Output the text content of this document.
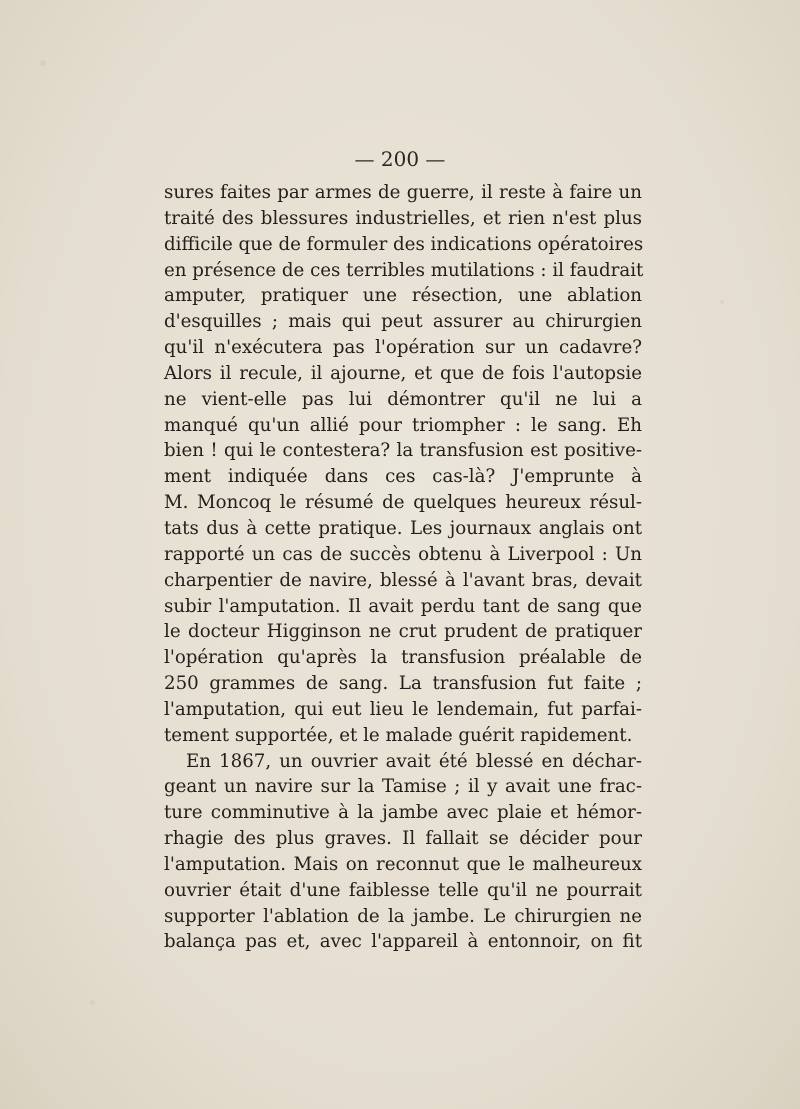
— 200 —
sures faites par armes de guerre, il reste à faire un
traité des blessures industrielles, et rien n'est plus
difficile que de formuler des indications opératoires
en présence de ces terribles mutilations : il faudrait
amputer, pratiquer une résection, une ablation
d'esquilles ; mais qui peut assurer au chirurgien
qu'il n'exécutera pas l'opération sur un cadavre?
Alors il recule, il ajourne, et que de fois l'autopsie
ne vient-elle pas lui démontrer qu'il ne lui a
manqué qu'un allié pour triompher : le sang. Eh
bien ! qui le contestera? la transfusion est positive-
ment indiquée dans ces cas-là? J'emprunte à
M. Moncoq le résumé de quelques heureux résul-
tats dus à cette pratique. Les journaux anglais ont
rapporté un cas de succès obtenu à Liverpool : Un
charpentier de navire, blessé à l'avant bras, devait
subir l'amputation. Il avait perdu tant de sang que
le docteur Higginson ne crut prudent de pratiquer
l'opération qu'après la transfusion préalable de
250 grammes de sang. La transfusion fut faite ;
l'amputation, qui eut lieu le lendemain, fut parfai-
tement supportée, et le malade guérit rapidement.
En 1867, un ouvrier avait été blessé en déchar-
geant un navire sur la Tamise ; il y avait une frac-
ture comminutive à la jambe avec plaie et hémor-
rhagie des plus graves. Il fallait se décider pour
l'amputation. Mais on reconnut que le malheureux
ouvrier était d'une faiblesse telle qu'il ne pourrait
supporter l'ablation de la jambe. Le chirurgien ne
balança pas et, avec l'appareil à entonnoir, on fit
